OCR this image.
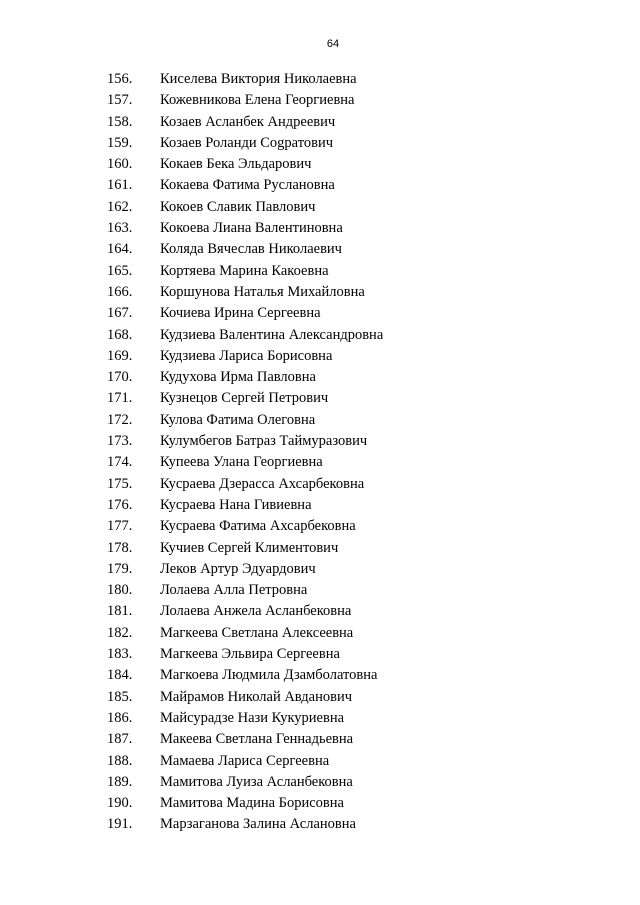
64
156.	Киселева Виктория Николаевна
157.	Кожевникова Елена Георгиевна
158.	Козаев Асланбек Андреевич
159.	Козаев Роланди Сogратович
160.	Кокаев Бека Эльдарович
161.	Кокаева Фатима Руслановна
162.	Кокоев Славик Павлович
163.	Кокоева Лиана Валентиновна
164.	Коляда Вячеслав Николаевич
165.	Кортяева Марина Какоевна
166.	Коршунова Наталья Михайловна
167.	Кочиева Ирина Сергеевна
168.	Кудзиева Валентина Александровна
169.	Кудзиева Лариса Борисовна
170.	Кудухова Ирма Павловна
171.	Кузнецов Сергей Петрович
172.	Кулова Фатима Олеговна
173.	Кулумбегов Батраз Таймуразович
174.	Купеева Улана Георгиевна
175.	Кусраева Дзерасса Ахсарбековна
176.	Кусраева Нана Гивиевна
177.	Кусраева Фатима Ахсарбековна
178.	Кучиев Сергей Климентович
179.	Леков Артур Эдуардович
180.	Лолаева Алла Петровна
181.	Лолаева Анжела Асланбековна
182.	Магкеева Светлана Алексеевна
183.	Магкеева Эльвира Сергеевна
184.	Магкоева Людмила Дзамболатовна
185.	Майрамов Николай Авданович
186.	Майсурадзе Нази Кукуриевна
187.	Макеева Светлана Геннадьевна
188.	Мамаева Лариса Сергеевна
189.	Мамитова Луиза Асланбековна
190.	Мамитова Мадина Борисовна
191.	Марзаганова Залина Аслановна
